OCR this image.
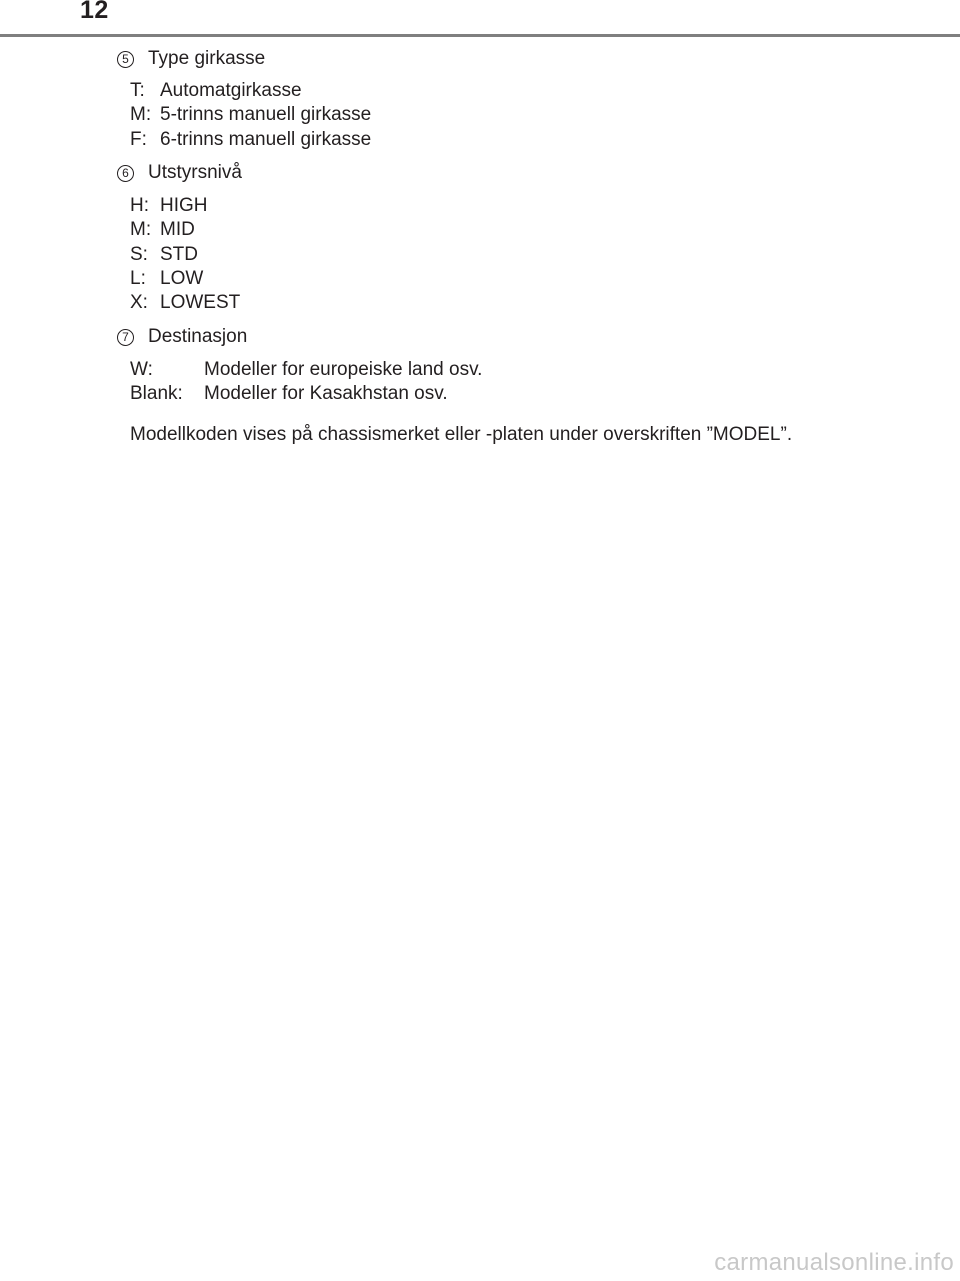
12
5 Type girkasse
T: Automatgirkasse
M: 5-trinns manuell girkasse
F: 6-trinns manuell girkasse
6 Utstyrsnivå
H: HIGH
M: MID
S: STD
L: LOW
X: LOWEST
7 Destinasjon
W:	Modeller for europeiske land osv.
Blank:	Modeller for Kasakhstan osv.
Modellkoden vises på chassismerket eller -platen under overskriften ”MODEL”.
carmanualsonline.info
